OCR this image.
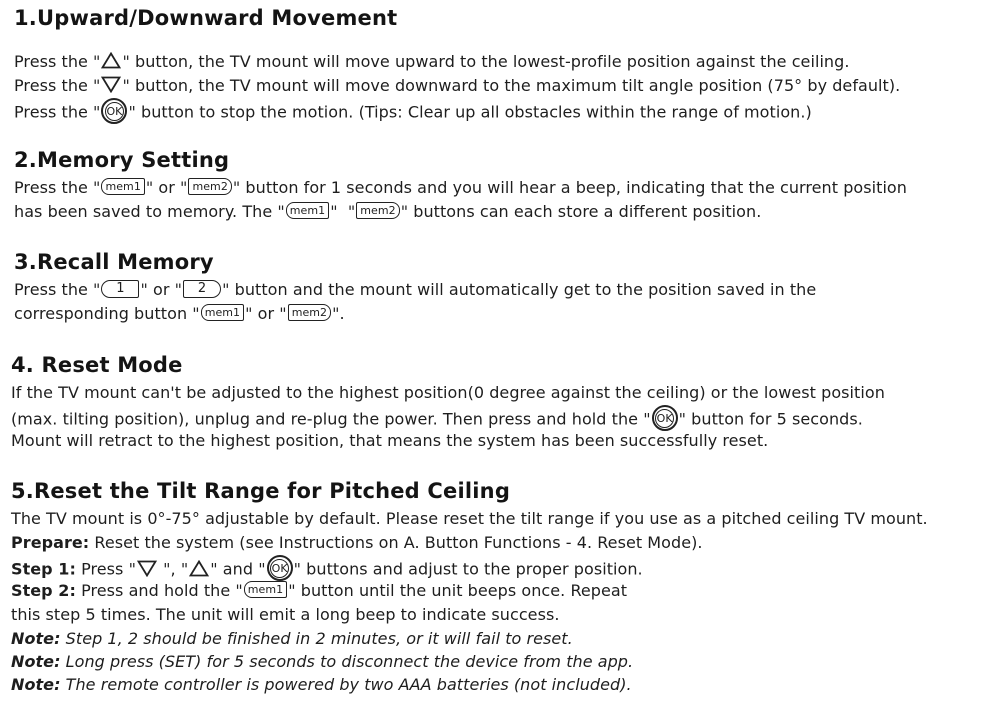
1.Upward/Downward Movement
Press the " " button, the TV mount will move upward to the lowest-profile position against the ceiling.
Press the " " button, the TV mount will move downward to the maximum tilt angle position (75° by default).
Press the " OK " button to stop the motion. (Tips: Clear up all obstacles within the range of motion.)
2.Memory Setting
Press the " mem1 " or " mem2 " button for 1 seconds and you will hear a beep, indicating that the current position
has been saved to memory. The " mem1 "  " mem2 " buttons can each store a different position.
3.Recall Memory
Press the " 1 " or " 2 " button and the mount will automatically get to the position saved in the
corresponding button " mem1 " or " mem2 ".
4. Reset Mode
If the TV mount can't be adjusted to the highest position(0 degree against the ceiling) or the lowest position
(max. tilting position), unplug and re-plug the power. Then press and hold the " OK " button for 5 seconds.
Mount will retract to the highest position, that means the system has been successfully reset.
5.Reset the Tilt Range for Pitched Ceiling
The TV mount is 0°-75° adjustable by default. Please reset the tilt range if you use as a pitched ceiling TV mount.
Prepare: Reset the system (see Instructions on A. Button Functions - 4. Reset Mode).
Step 1: Press " ", " " and " OK " buttons and adjust to the proper position.
Step 2: Press and hold the " mem1 " button until the unit beeps once. Repeat
this step 5 times. The unit will emit a long beep to indicate success.
Note: Step 1, 2 should be finished in 2 minutes, or it will fail to reset.
Note: Long press (SET) for 5 seconds to disconnect the device from the app.
Note: The remote controller is powered by two AAA batteries (not included).
